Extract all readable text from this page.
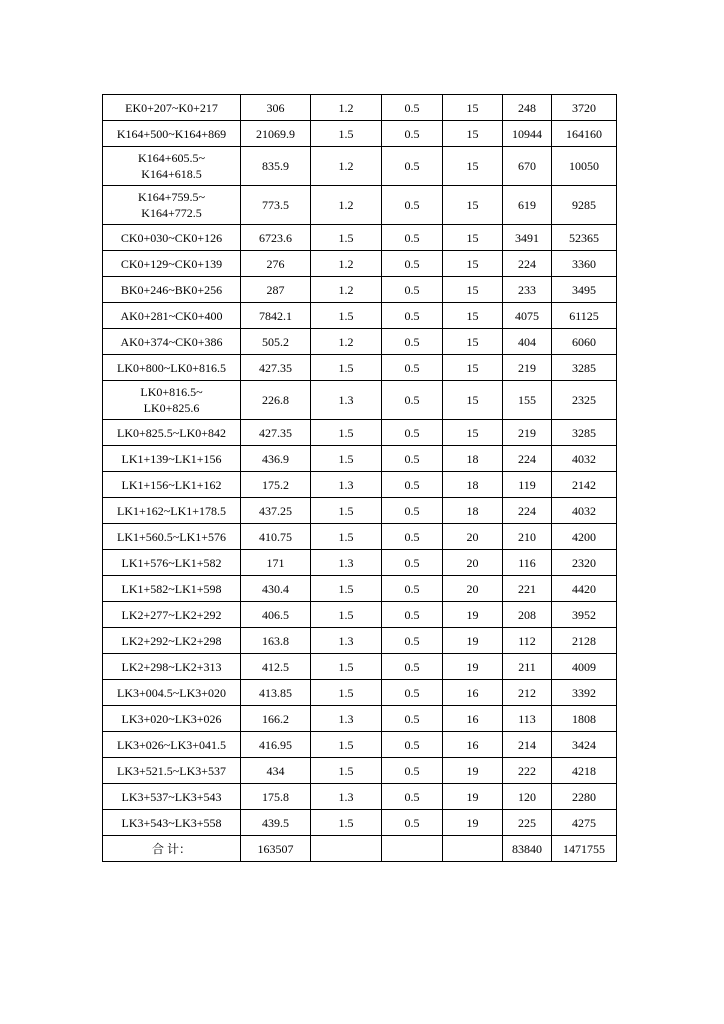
EK0+207~K0+217	306	1.2	0.5	15	248	3720

K164+500~K164+869	21069.9	1.5	0.5	15	10944	164160

K164+605.5~
K164+618.5	835.9	1.2	0.5	15	670	10050

K164+759.5~
K164+772.5	773.5	1.2	0.5	15	619	9285

CK0+030~CK0+126	6723.6	1.5	0.5	15	3491	52365

CK0+129~CK0+139	276	1.2	0.5	15	224	3360

BK0+246~BK0+256	287	1.2	0.5	15	233	3495

AK0+281~CK0+400	7842.1	1.5	0.5	15	4075	61125

AK0+374~CK0+386	505.2	1.2	0.5	15	404	6060

LK0+800~LK0+816.5	427.35	1.5	0.5	15	219	3285

LK0+816.5~
LK0+825.6	226.8	1.3	0.5	15	155	2325

LK0+825.5~LK0+842	427.35	1.5	0.5	15	219	3285

LK1+139~LK1+156	436.9	1.5	0.5	18	224	4032

LK1+156~LK1+162	175.2	1.3	0.5	18	119	2142

LK1+162~LK1+178.5	437.25	1.5	0.5	18	224	4032

LK1+560.5~LK1+576	410.75	1.5	0.5	20	210	4200

LK1+576~LK1+582	171	1.3	0.5	20	116	2320

LK1+582~LK1+598	430.4	1.5	0.5	20	221	4420

LK2+277~LK2+292	406.5	1.5	0.5	19	208	3952

LK2+292~LK2+298	163.8	1.3	0.5	19	112	2128

LK2+298~LK2+313	412.5	1.5	0.5	19	211	4009

LK3+004.5~LK3+020	413.85	1.5	0.5	16	212	3392

LK3+020~LK3+026	166.2	1.3	0.5	16	113	1808

LK3+026~LK3+041.5	416.95	1.5	0.5	16	214	3424

LK3+521.5~LK3+537	434	1.5	0.5	19	222	4218

LK3+537~LK3+543	175.8	1.3	0.5	19	120	2280

LK3+543~LK3+558	439.5	1.5	0.5	19	225	4275
合 计：	163507				83840	1471755
